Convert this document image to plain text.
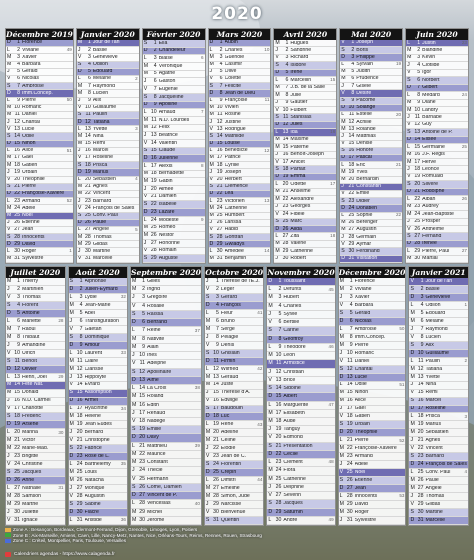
2020
Décembre 2019
D	1 Florence
L	2 Viviane	49
M	3 Xavier
M	4 Barbara
J	5 Gérald
V	6 Nicolas
S	7 Ambroise
D	8 Imm.Concep.
L	9 Pierre	50
M 10 Romaric
M 11 Daniel
J 12 Chantal
V 13 Lucie
S 14 Odile
D 15 Ninon
L 16 Alice	51
M 17 Gaël
M 18 Gatien
J 19 Urbain
V 20 Théophile
S 21 Pierre
D 22 Françoise-Xavière
L 23 Armand	52
M 24 Adèle
M 25 Noël
J 26 Etienne
V 27 Jean
S 28 Innocents
D 29 David
L 30 Roger	1
M 31 Sylvestre
Janvier 2020
M	1 Jour de l'an
J	2 Basile
V	3 Geneviève
S	4 Odilon
D	5 Edouard
L	6 Mélaine	2
M	7 Raymond
M	8 Lucien
J	9 Alix
V 10 Guillaume
S 11 Paulin
D 12 Tatiana
L 13 Yvette	3
M 14 Nina
M 15 Rémi
J 16 Marcel
V 17 Roseline
S 18 Prisca
D 19 Marius
L 20 Sébastien	4
M 21 Agnès
M 22 Vincent
J 23 Barnard
V 24 François de Sales
S 25 Conv. Paul
D 26 Paule
L 27 Angèle	5
M 28 Thomas
M 29 Gildas
J 30 Martine
V 31 Marcelle
Février 2020
S	1 Ella
D	2 Chandeleur
L	3 Blaise	6
M	4 Véronique
M	5 Agathe
J	6 Gaston
V	7 Eugénie
S	8 Jacqueline
D	9 Apolline
L 10 Arnaud	7
M 11 N.D. Lourdes
M 12 Félix
J 13 Béatrice
V 14 Valentin
S 15 Claude
D 16 Julienne
L 17 Alexis	8
M 18 Bernadette
M 19 Gabin
J 20 Aimée
V 21 Damien
S 22 Isabelle
D 23 Lazare
L 24 Modeste	9
M 25 Roméo
M 26 Nestor
J 27 Honorine
V 28 Romain
S 29 Auguste
Mars 2020
D	1 Aubin
L	2 Charles	10
M	3 Guénolé
M	4 Casimir
J	5 Olive
V	6 Colette
S	7 Félicité
D	8 Jean de Dieu
L	9 Françoise	11
M 10 Vivien
M 11 Rosine
J 12 Justine
V 13 Rodrigue
S 14 Mathilde
D 15 Louise
L 16 Bénédicte	12
M 17 Patrice
M 18 Cyrille
J 19 Joseph
V 20 Herbert
S 21 Clémence
D 22 Léa
L 23 Victorien	13
M 24 Catherine
M 25 Humbert
J 26 Larissa
V 27 Habib
S 28 Gontran
D 29 Gwladys
L 30 Amédée	14
M 31 Benjamin
Avril 2020
M	1 Hugues
J	2 Sandrine
V	3 Richard
S	4 Isidore
D	5 Irène
L	6 Marcellin	15
M	7 J.B. de la Salle
M	8 Julie
J	9 Gautier
V 10 Fulbert
S 11 Stanislas
D 12 Jules
L 13 Ida	16
M 14 Maxime
M 15 Paterne
J 16 Benoît-Joseph
V 17 Anicet
S 18 Parfait
D 19 Emma
L 20 Odette	17
M 21 Anselme
M 22 Alexandre
J 23 Georges
V 24 Fidèle
S 25 Marc
D 26 Alida
L 27 Zita	18
M 28 Valérie
M 29 Catherine
J 30 Robert
Mai 2020
V	1 Joseph
S	2 Boris
D	3 Philippe
L	4 Sylvain	19
M	5 Judith
M	6 Prudence
J	7 Gisèle
V	8 Désiré
S	9 Pacôme
D 10 Solange
L 11 Estelle	20
M 12 Achille
M 13 Rolande
J 14 Matthias
V 15 Denise
S 16 Honoré
D 17 Pascal
L 18 Eric	21
M 19 Yves
M 20 Bernardin
J 21 Constantin
V 22 Emile
S 23 Didier
D 24 Donatien
L 25 Sophie	22
M 26 Bérenger
M 27 Augustin
J 28 Germain
V 29 Aymar
S 30 Ferdinand
D 31 Visitation
Juin 2020
L	1 Justin	23
M	2 Blandine
M	3 Kévin
J	4 Clotilde
V	5 Igor
S	6 Norbert
D	7 Gilbert
L	8 Médard	24
M	9 Diane
M 10 Landry
J 11 Barnabé
V 12 Guy
S 13 Antoine de P.
D 14 Elisée
L 15 Germaine	25
M 16 J.F. Régis
M 17 Hervé
J 18 Léonce
V 19 Romuald
S 20 Silvère
D 21 Rodolphe
L 22 Alban	26
M 23 Audrey
M 24 Jean-Baptiste
J 25 Prosper
V 26 Anthelme
S 27 Fernand
D 28 Irénée
L 29 Pierre, Paul	27
M 30 Martial
Juillet 2020
M	1 Thierry
J	2 Martinien
V	3 Thomas
S	4 Florent
D	5 Antoine
L	6 Mariette	28
M	7 Raoul
M	8 Thibaut
J	9 Amandine
V 10 Ulrich
S 11 Benoît
D 12 Olivier
L 13 Henri, Joël	29
M 14 Fête Nat.
M 15 Donald
J 16 N.D. Carmel
V 17 Charlotte
S 18 Frédéric
D 19 Arsène
L 20 Marina	30
M 21 Victor
M 22 Marie-Mad.
J 23 Brigitte
V 24 Christine
S 25 Jacques
D 26 Anne
L 27 Nathalie	31
M 28 Samson
M 29 Marthe
J 30 Juliette
V 31 Ignace
Août 2020
S	1 Alphonse
D	2 Julien-Eymard
L	3 Lydie	32
M	4 Jean-Marie
M	5 Abel
J	6 Transfiguration
V	7 Gaétan
S	8 Dominique
D	9 Amour
L 10 Laurent	33
M 11 Claire
M 12 Clarisse
J 13 Hippolyte
V 14 Evrard
S 15 Assomption
D 16 Armel
L 17 Hyacinthe	34
M 18 Hélène
M 19 Jean Eudes
J 20 Bernard
V 21 Christophe
S 22 Fabrice
D 23 Rose de L.
L 24 Barthélemy	35
M 25 Louis
M 26 Natacha
J 27 Monique
V 28 Augustin
S 29 Sabine
D 30 Fiacre
L 31 Aristide	36
Septembre 2020
M	1 Gilles
M	2 Ingrid
J	3 Grégoire
V	4 Rosalie
S	5 Raïssa
D	6 Bertrand
L	7 Reine	37
M	8 Nativité
M	9 Alain
J 10 Inès
V 11 Adelphe
S 12 Apollinaire
D 13 Aimé
L 14 La Croix	38
M 15 Roland
M 16 Edith
J 17 Renaud
V 18 Nadège
S 19 Emilie
D 20 Davy
L 21 Matthieu	39
M 22 Maurice
M 23 Constant
J 24 Thècle
V 25 Hermann
S 26 Côme, Damien
D 27 Vincent de P.
L 28 Venceslas	40
M 29 Michel
M 30 Jérôme
Octobre 2020
J	1 Thérèse de l'E.J.
V	2 Léger
S	3 Gérard
D	4 François
L	5 Fleur	41
M	6 Bruno
M	7 Serge
J	8 Pélagie
V	9 Denis
S 10 Ghislain
D 11 Firmin
L 12 Wilfried	42
M 13 Géraud
M 14 Juste
J 15 Thérèse d'A.
V 16 Edwige
S 17 Baudouin
D 18 Luc
L 19 René	43
M 20 Adeline
M 21 Céline
J 22 Elodie
V 23 Jean de C.
S 24 Florentin
D 25 Crépin
L 26 Dimitri	44
M 27 Emeline
M 28 Simon, Jude
J 29 Narcisse
V 30 Bienvenue
S 31 Quentin
Novembre 2020
D	1 Toussaint
L	2 Défunts	45
M	3 Hubert
M	4 Charles
J	5 Sylvie
V	6 Bertille
S	7 Carine
D	8 Geoffroy
L	9 Théodore	46
M 10 Léon
M 11 Armistice
J 12 Christian
V 13 Brice
S 14 Sidoine
D 15 Albert
L 16 Marguerite	47
M 17 Elisabeth
M 18 Aude
J 19 Tanguy
V 20 Edmond
S 21 Présentation
D 22 Cécile
L 23 Clément	48
M 24 Flora
M 25 Catherine
J 26 Delphine
V 27 Séverin
S 28 Jacques
D 29 Saturnin
L 30 André	49
Décembre 2020
M	1 Florence
M	2 Viviane
J	3 Xavier
V	4 Barbara
S	5 Gérald
D	6 Nicolas
L	7 Ambroise	50
M	8 Imm.Concep.
M	9 Pierre
J 10 Romaric
V 11 Daniel
S 12 Chantal
D 13 Lucie
L 14 Odile	51
M 15 Ninon
M 16 Alice
J 17 Gaël
V 18 Gatien
S 19 Urbain
D 20 Théophile
L 21 Pierre	52
M 22 Françoise-Xavière
M 23 Armand
J 24 Adèle
V 25 Noël
S 26 Etienne
D 27 Jean
L 28 Innocents	53
M 29 David
M 30 Roger
J 31 Sylvestre
Janvier 2021
V	1 Jour de l'an
S	2 Basile
D	3 Geneviève
L	4 Odilon	1
M	5 Edouard
M	6 Mélaine
J	7 Raymond
V	8 Lucien
S	9 Alix
D 10 Guillaume
L 11 Paulin	2
M 12 Tatiana
M 13 Yvette
J 14 Nina
V 15 Rémi
S 16 Marcel
D 17 Roseline
L 18 Prisca	3
M 19 Marius
M 20 Sébastien
J 21 Agnès
V 22 Vincent
S 23 Barnard
D 24 François de Sales
L 25 Conv. Paul	4
M 26 Paule
M 27 Angèle
J 28 Thomas
V 29 Gildas
S 30 Martine
D 31 Marcelle
Zone A : Besançon, Bordeaux, Clermont-Ferrand, Dijon, Grenoble, Limoges, Lyon, Poitiers
Zone B : Aix-Marseille, Amiens, Caen, Lille, Nancy-Metz, Nantes, Nice, Orléans-Tours, Reims, Rennes, Rouen, Strasbourg
Zone C : Créteil, Montpellier, Paris, Toulouse, Versailles
Calendriers agendas - https://www.calagenda.fr
